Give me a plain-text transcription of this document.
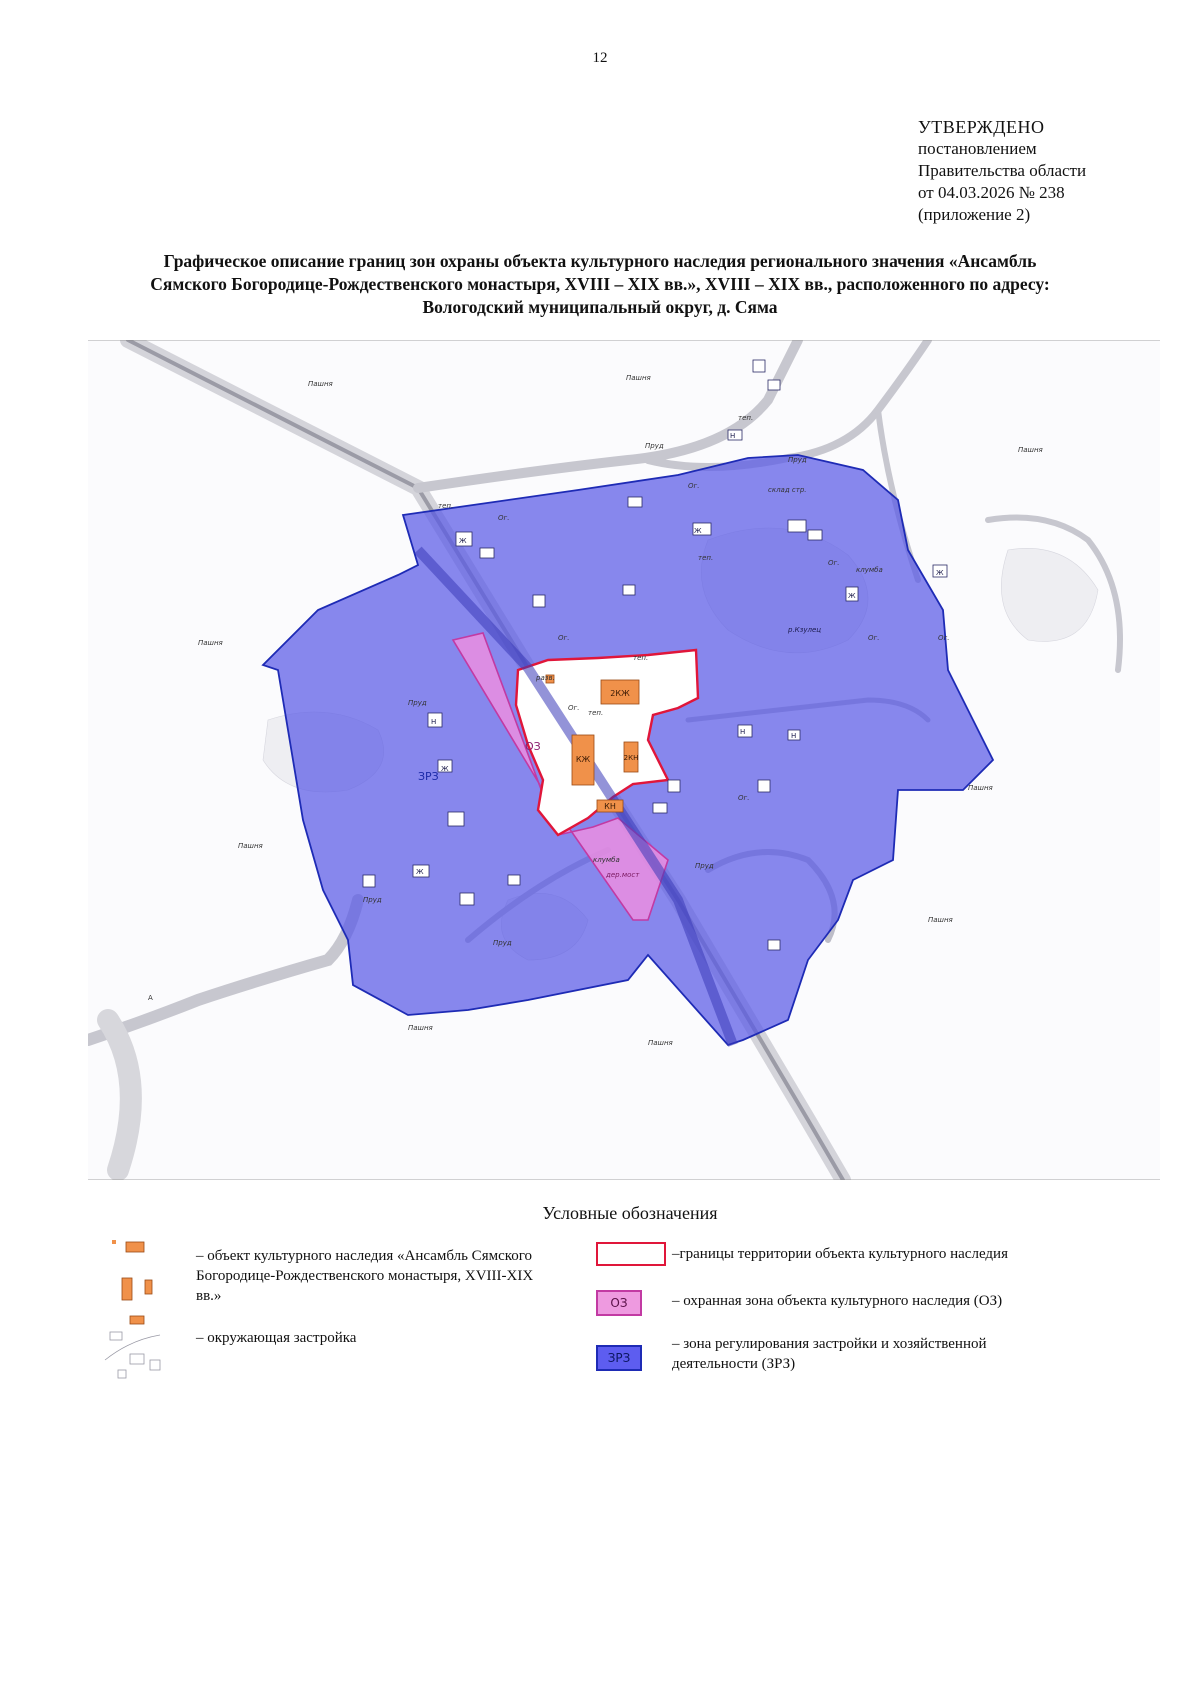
12
УТВЕРЖДЕНО
постановлением
Правительства области
от 04.03.2026 № 238
(приложение 2)
Графическое описание границ зон охраны объекта культурного наследия регионального значения «Ансамбль
Сямского Богородице-Рождественского монастыря, XVIII – XIX вв.», XVIII – XIX вв., расположенного по адресу:
Вологодский муниципальный округ, д. Сяма
2КЖ
КЖ
КН
2КН
разв.
Ж
Ж
Ж
Ж
Ж
Ж
Н
Н	Н
Н
Пашня
Пашня
Пашня
Пашня
Пашня
Пашня
Пашня
Пашня
Пашня
Пруд
Пруд
Пруд
Пруд
Пруд
Пруд
Ог.
Ог.
Ог.
Ог.
Ог.
Ог.	Ог.
Ог.
теп.
теп.
теп.
теп.
теп.
клумба
клумба
р.Кзулец
дер.мост
склад стр.
А
ЗРЗ
ОЗ
Условные обозначения
– объект культурного наследия «Ансамбль Сямского Богородице-Рождественского монастыря, XVIII-XIX вв.»
– окружающая застройка
–границы территории объекта культурного наследия
ОЗ	– охранная зона объекта культурного наследия (ОЗ)
ЗРЗ
– зона регулирования застройки и хозяйственной деятельности (ЗРЗ)
